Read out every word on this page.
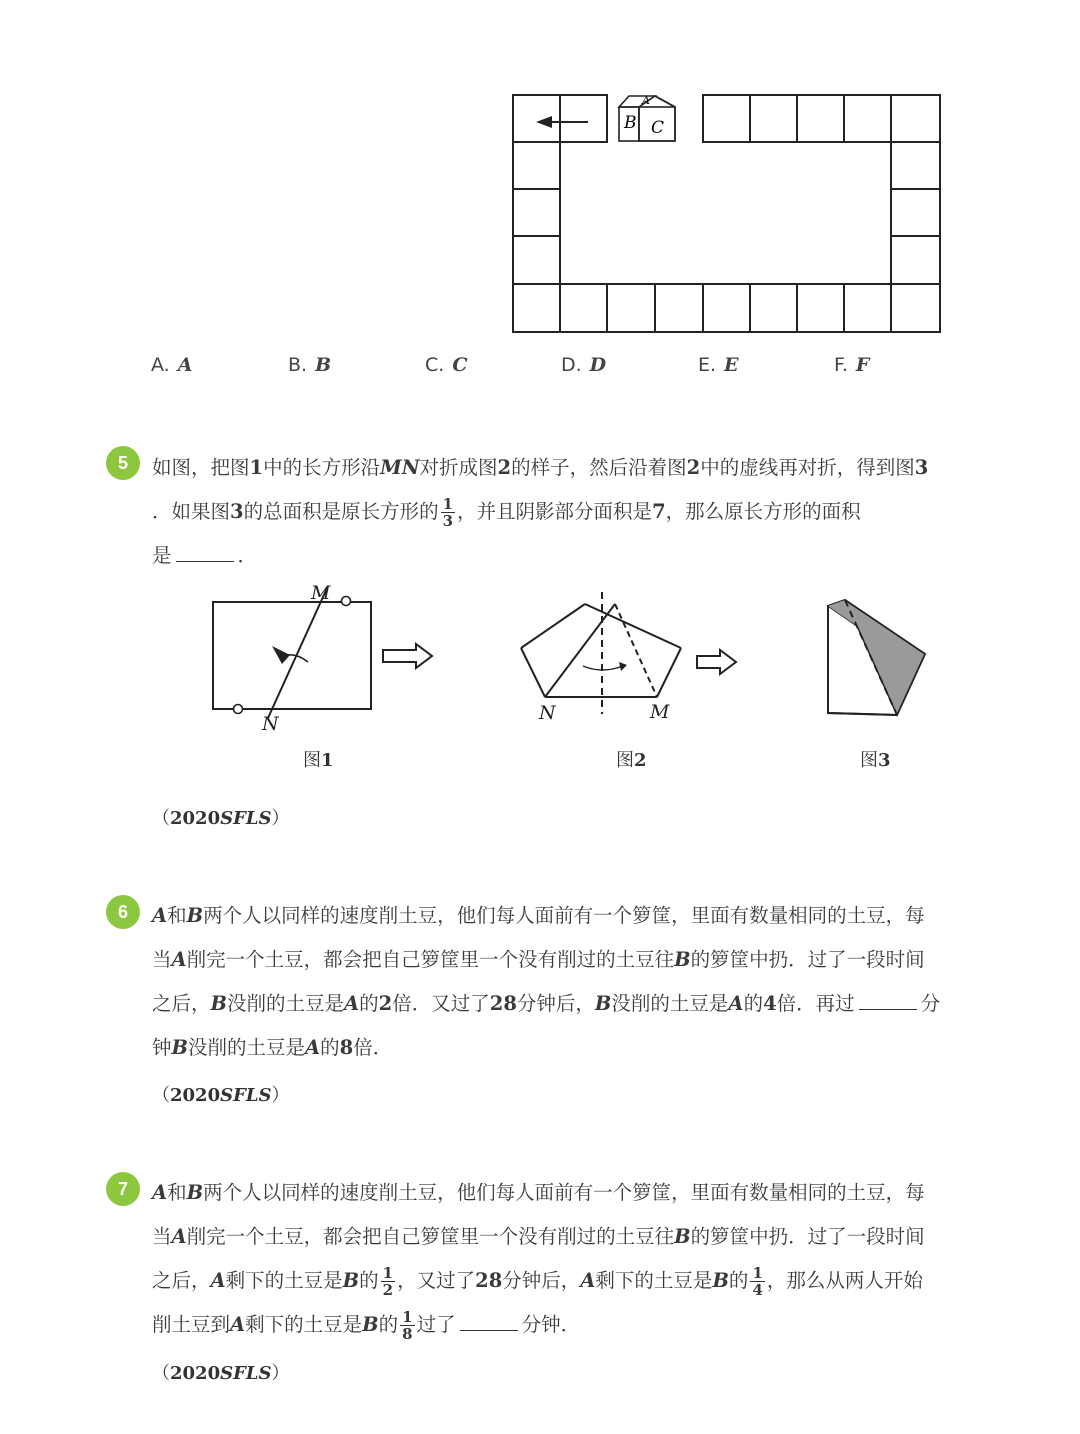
A
B C
A. A	B. B	C. C	D. D	E. E	F. F
5	如图，把图1中的长方形沿MN对折成图2的样子，然后沿着图2中的虚线再对折，得到图3
．如果图3的总面积是原长方形的 $\frac{1}{3}$ ，并且阴影部分面积是7，那么原长方形的面积
是	．
M
N	N	M
图1	图2	图3
（2020SFLS）
6	A和B两个人以同样的速度削土豆，他们每人面前有一个箩筐，里面有数量相同的土豆，每
当A削完一个土豆，都会把自己箩筐里一个没有削过的土豆往B的箩筐中扔．过了一段时间
之后，B没削的土豆是A的2倍．又过了28分钟后，B没削的土豆是A的4倍．再过	分
钟B没削的土豆是A的8倍．
（2020SFLS）
7	A和B两个人以同样的速度削土豆，他们每人面前有一个箩筐，里面有数量相同的土豆，每
当A削完一个土豆，都会把自己箩筐里一个没有削过的土豆往B的箩筐中扔．过了一段时间
之后，A剩下的土豆是B的 $\frac{1}{2}$ ，又过了28分钟后，A剩下的土豆是B的 $\frac{1}{4}$ ，那么从两人开始
削土豆到A剩下的土豆是B的 $\frac{1}{8}$ 过了	分钟．
（2020SFLS）
